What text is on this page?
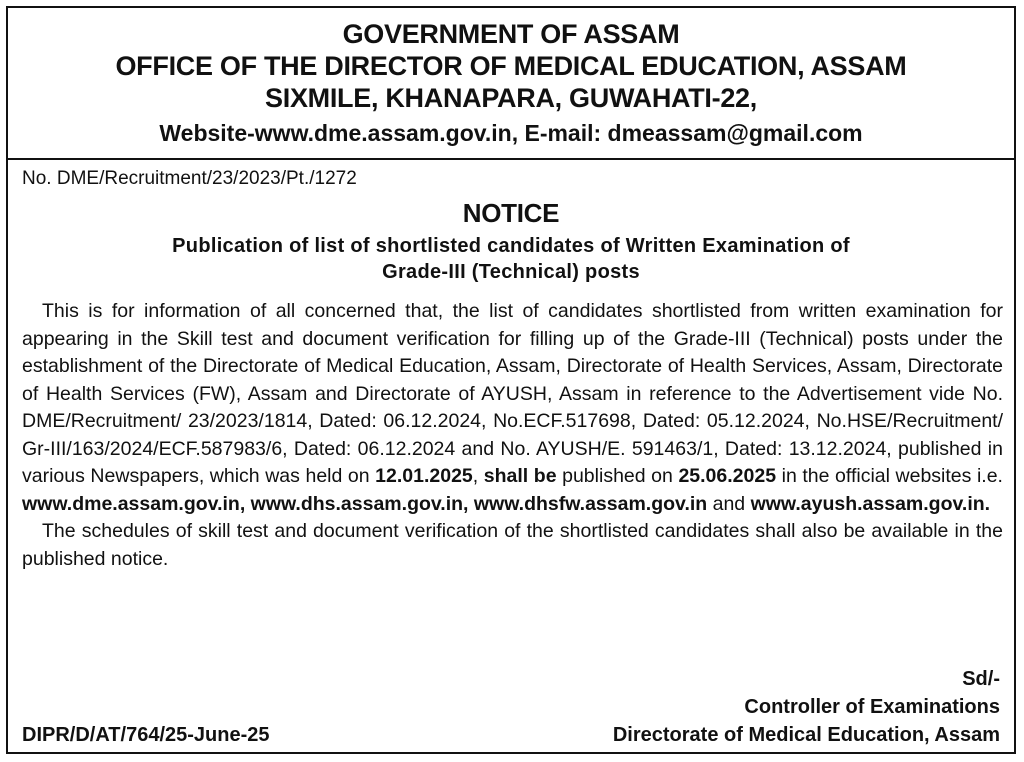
GOVERNMENT OF ASSAM
OFFICE OF THE DIRECTOR OF MEDICAL EDUCATION, ASSAM
SIXMILE, KHANAPARA, GUWAHATI-22,
Website-www.dme.assam.gov.in, E-mail: dmeassam@gmail.com
No. DME/Recruitment/23/2023/Pt./1272
NOTICE
Publication of list of shortlisted candidates of Written Examination of
Grade-III (Technical) posts

This is for information of all concerned that, the list of candidates shortlisted from written examination for appearing in the Skill test and document verification for filling up of the Grade-III (Technical) posts under the establishment of the Directorate of Medical Education, Assam, Directorate of Health Services, Assam, Directorate of Health Services (FW), Assam and Directorate of AYUSH, Assam in reference to the Advertisement vide No. DME/Recruitment/ 23/2023/1814, Dated: 06.12.2024, No.ECF.517698, Dated: 05.12.2024, No.HSE/Recruitment/ Gr-III/163/2024/ECF.587983/6, Dated: 06.12.2024 and No. AYUSH/E. 591463/1, Dated: 13.12.2024, published in various Newspapers, which was held on 12.01.2025, shall be published on 25.06.2025 in the official websites i.e. www.dme.assam.gov.in, www.dhs.assam.gov.in, www.dhsfw.assam.gov.in and www.ayush.assam.gov.in.

The schedules of skill test and document verification of the shortlisted candidates shall also be available in the published notice.

Sd/-
Controller of Examinations
Directorate of Medical Education, Assam
DIPR/D/AT/764/25-June-25
